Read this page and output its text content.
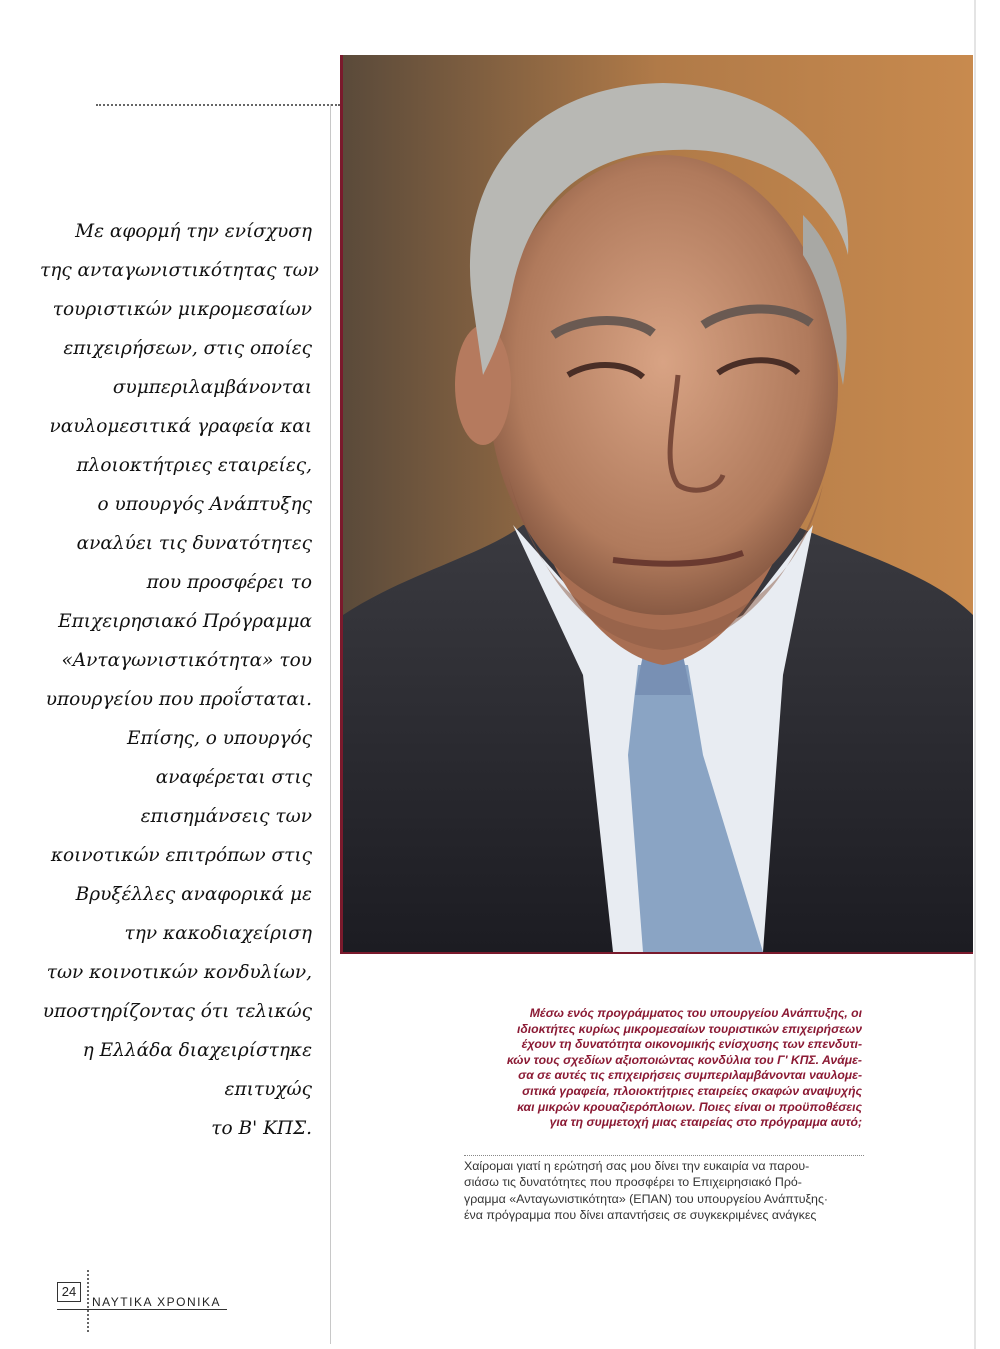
Με αφορμή την ενίσχυση
της ανταγωνιστικότητας των
τουριστικών μικρομεσαίων
επιχειρήσεων, στις οποίες
συμπεριλαμβάνονται
ναυλομεσιτικά γραφεία και
πλοιοκτήτριες εταιρείες,
ο υπουργός Ανάπτυξης
αναλύει τις δυνατότητες
που προσφέρει το
Επιχειρησιακό Πρόγραμμα
«Ανταγωνιστικότητα» του
υπουργείου που προΐσταται.
Επίσης, ο υπουργός
αναφέρεται στις
επισημάνσεις των
κοινοτικών επιτρόπων στις
Βρυξέλλες αναφορικά με
την κακοδιαχείριση
των κοινοτικών κονδυλίων,
υποστηρίζοντας ότι τελικώς
η Ελλάδα διαχειρίστηκε
επιτυχώς
το Β' ΚΠΣ.
Μέσω ενός προγράμματος του υπουργείου Ανάπτυξης, οι
ιδιοκτήτες κυρίως μικρομεσαίων τουριστικών επιχειρήσεων
έχουν τη δυνατότητα οικονομικής ενίσχυσης των επενδυτι-
κών τους σχεδίων αξιοποιώντας κονδύλια του Γ' ΚΠΣ. Ανάμε-
σα σε αυτές τις επιχειρήσεις συμπεριλαμβάνονται ναυλομε-
σιτικά γραφεία, πλοιοκτήτριες εταιρείες σκαφών αναψυχής
και μικρών κρουαζιερόπλοιων. Ποιες είναι οι προϋποθέσεις
για τη συμμετοχή μιας εταιρείας στο πρόγραμμα αυτό;
Χαίρομαι γιατί η ερώτησή σας μου δίνει την ευκαιρία να παρου-
σιάσω τις δυνατότητες που προσφέρει το Επιχειρησιακό Πρό-
γραμμα «Ανταγωνιστικότητα» (ΕΠΑΝ) του υπουργείου Ανάπτυξης·
ένα πρόγραμμα που δίνει απαντήσεις σε συγκεκριμένες ανάγκες
24
ΝΑΥΤΙΚΑ ΧΡΟΝΙΚΑ
